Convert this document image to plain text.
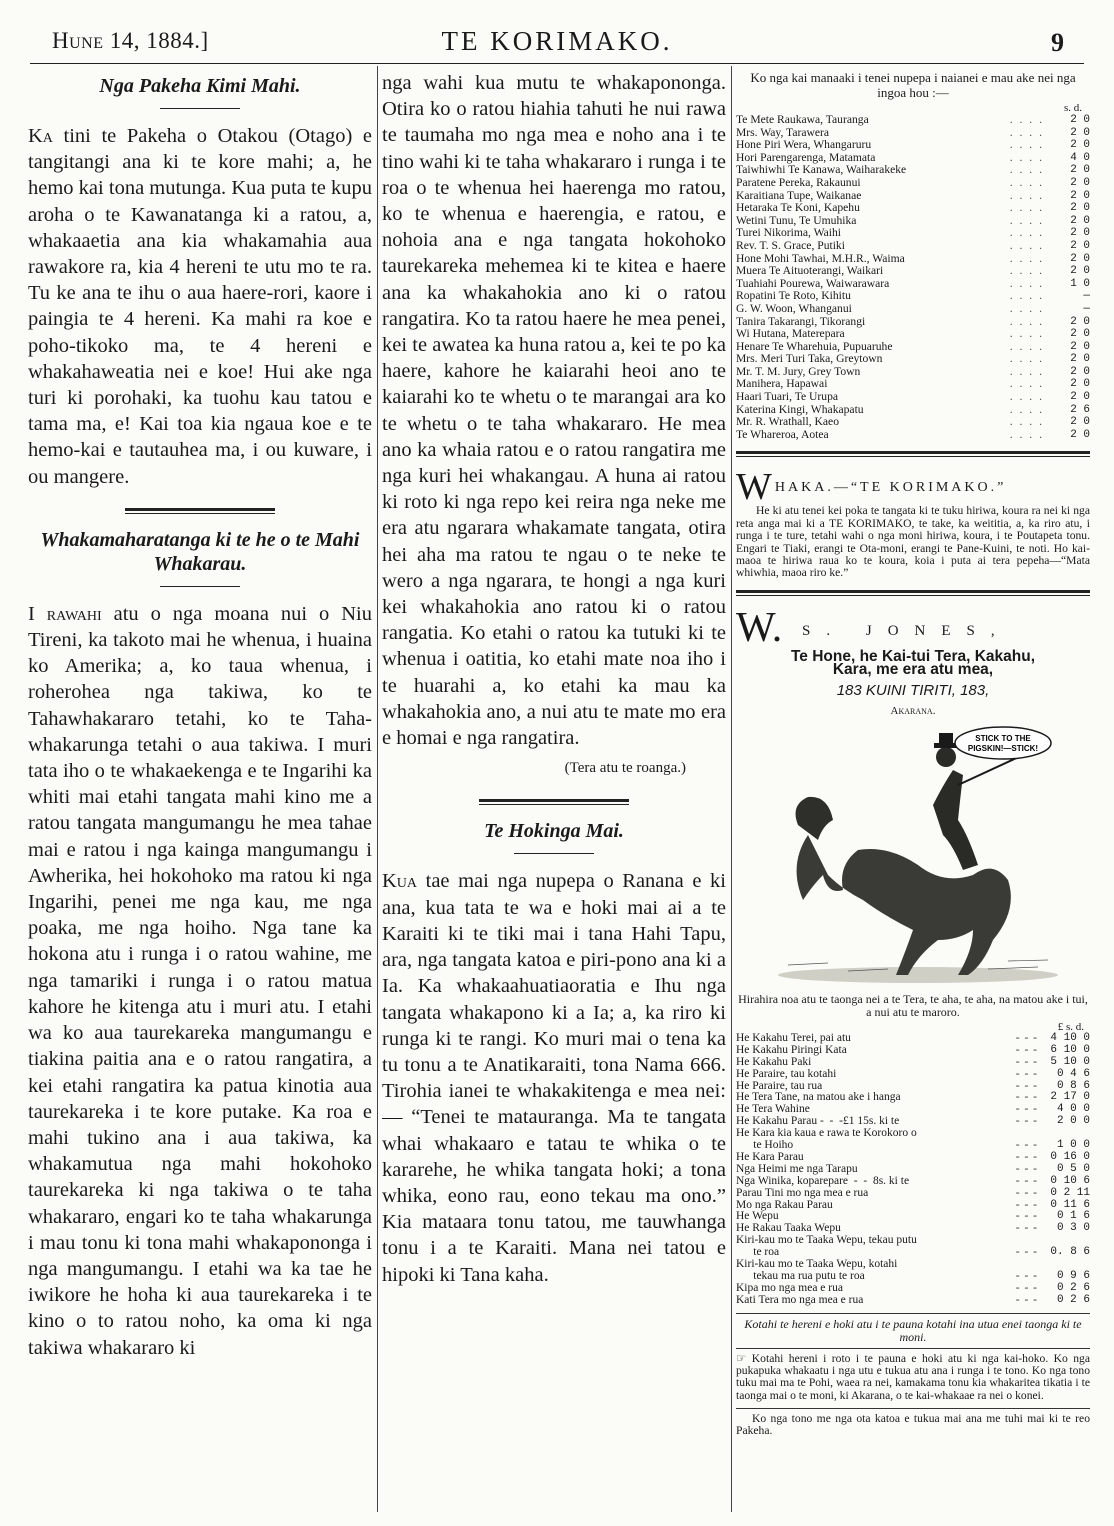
Hune 14, 1884.]	TE KORIMAKO.	9
Nga Pakeha Kimi Mahi.

Ka tini te Pakeha o Otakou (Otago) e tangitangi ana ki te kore mahi; a, he hemo kai tona mutunga. Kua puta te kupu aroha o te Kawanatanga ki a ratou, a, whakaaetia ana kia whakamahia aua rawakore ra, kia 4 hereni te utu mo te ra. Tu ke ana te ihu o aua haere-rori, kaore i paingia te 4 hereni. Ka mahi ra koe e poho-tikoko ma, te 4 hereni e whakahaweatia nei e koe! Hui ake nga turi ki porohaki, ka tuohu kau tatou e tama ma, e! Kai toa kia ngaua koe e te hemo-kai e tautauhea ma, i ou kuware, i ou mangere.

Whakamaharatanga ki te he o te Mahi Whakarau.

I rawahi atu o nga moana nui o Niu Tireni, ka takoto mai he whenua, i huaina ko Amerika; a, ko taua whenua, i roherohea nga takiwa, ko te Tahawhakararo tetahi, ko te Taha-whakarunga tetahi o aua takiwa. I muri tata iho o te whakaekenga e te Ingarihi ka whiti mai etahi tangata mahi kino me a ratou tangata mangumangu he mea tahae mai e ratou i nga kainga mangumangu i Awherika, hei hokohoko ma ratou ki nga Ingarihi, penei me nga kau, me nga poaka, me nga hoiho. Nga tane ka hokona atu i runga i o ratou wahine, me nga tamariki i runga i o ratou matua kahore he kitenga atu i muri atu. I etahi wa ko aua taurekareka mangumangu e tiakina paitia ana e o ratou rangatira, a kei etahi rangatira ka patua kinotia aua taurekareka i te kore putake. Ka roa e mahi tukino ana i aua takiwa, ka whakamutua nga mahi hokohoko taurekareka ki nga takiwa o te taha whakararo, engari ko te taha whakarunga i mau tonu ki tona mahi whakapononga i nga mangumangu. I etahi wa ka tae he iwikore he hoha ki aua taurekareka i te kino o to ratou noho, ka oma ki nga takiwa whakararo ki

nga wahi kua mutu te whakapononga. Otira ko o ratou hiahia tahuti he nui rawa te taumaha mo nga mea e noho ana i te tino wahi ki te taha whakararo i runga i te roa o te whenua hei haerenga mo ratou, ko te whenua e haerengia, e ratou, e nohoia ana e nga tangata hokohoko taurekareka mehemea ki te kitea e haere ana ka whakahokia ano ki o ratou rangatira. Ko ta ratou haere he mea penei, kei te awatea ka huna ratou a, kei te po ka haere, kahore he kaiarahi heoi ano te kaiarahi ko te whetu o te marangai ara ko te whetu o te taha whakararo. He mea ano ka whaia ratou e o ratou rangatira me nga kuri hei whakangau. A huna ai ratou ki roto ki nga repo kei reira nga neke me era atu ngarara whakamate tangata, otira hei aha ma ratou te ngau o te neke te wero a nga ngarara, te hongi a nga kuri kei whakahokia ano ratou ki o ratou rangatia. Ko etahi o ratou ka tutuki ki te whenua i oatitia, ko etahi mate noa iho i te huarahi a, ko etahi ka mau ka whakahokia ano, a nui atu te mate mo era e homai e nga rangatira.

(Tera atu te roanga.)
Te Hokinga Mai.

Kua tae mai nga nupepa o Ranana e ki ana, kua tata te wa e hoki mai ai a te Karaiti ki te tiki mai i tana Hahi Tapu, ara, nga tangata katoa e piri-pono ana ki a Ia. Ka whakaahuatiaoratia e Ihu nga tangata whakapono ki a Ia; a, ka riro ki runga ki te rangi. Ko muri mai o tena ka tu tonu a te Anatikaraiti, tona Nama 666. Tirohia ianei te whakakitenga e mea nei:— “Tenei te matauranga. Ma te tangata whai whakaaro e tatau te whika o te kararehe, he whika tangata hoki; a tona whika, eono rau, eono tekau ma ono.” Kia mataara tonu tatou, me tauwhanga tonu i a te Karaiti. Mana nei tatou e hipoki ki Tana kaha.

Ko nga kai manaaki i tenei nupepa i naianei e mau ake nei nga ingoa hou :—
s. d.
Te Mete Raukawa, Tauranga	. . . .	2 0
Mrs. Way, Tarawera	. . . .	2 0
Hone Piri Wera, Whangaruru	. . . .	2 0
Hori Parengarenga, Matamata	. . . .	4 0
Taiwhiwhi Te Kanawa, Waiharakeke	. . . .	2 0
Paratene Pereka, Rakaunui	. . . .	2 0
Karaitiana Tupe, Waikanae	. . . .	2 0
Hetaraka Te Koni, Kapehu	. . . .	2 0
Wetini Tunu, Te Umuhika	. . . .	2 0
Turei Nikorima, Waihi	. . . .	2 0
Rev. T. S. Grace, Putiki	. . . .	2 0
Hone Mohi Tawhai, M.H.R., Waima	. . . .	2 0
Muera Te Aituoterangi, Waikari	. . . .	2 0
Tuahiahi Pourewa, Waiwarawara	. . . .	1 0
Ropatini Te Roto, Kihitu	. . . .	—
G. W. Woon, Whanganui	. . . .	—
Tanira Takarangi, Tikorangi	. . . .	2 0
Wi Hutana, Materepara	. . . .	2 0
Henare Te Wharehuia, Pupuaruhe	. . . .	2 0
Mrs. Meri Turi Taka, Greytown	. . . .	2 0
Mr. T. M. Jury, Grey Town	. . . .	2 0
Manihera, Hapawai	. . . .	2 0
Haari Tuari, Te Urupa	. . . .	2 0
Katerina Kingi, Whakapatu	. . . .	2 6
Mr. R. Wrathall, Kaeo	. . . .	2 0
Te Whareroa, Aotea	. . . .	2 0
WHAKA.—“TE KORIMAKO.”
He ki atu tenei kei poka te tangata ki te tuku hiriwa, koura ra nei ki nga reta anga mai ki a TE KORIMAKO, te take, ka weititia, a, ka riro atu, i runga i te ture, tetahi wahi o nga moni hiriwa, koura, i te Poutapeta tonu. Engari te Tiaki, erangi te Ota-moni, erangi te Pane-Kuini, te noti. Ho kai-maoa te hiriwa raua ko te koura, koia i puta ai tera pepeha—“Mata whiwhia, maoa riro ke.”
W. S. JONES,
Te Hone, he Kai-tui Tera, Kakahu,
Kara, me era atu mea,
183 KUINI TIRITI, 183,
Akarana.
STICK TO THE
PIGSKIN!—STICK!
Hirahira noa atu te taonga nei a te Tera, te aha, te aha, na matou ake i tui, a nui atu te maroro.
£ s. d.
He Kakahu Terei, pai atu	- - -	4 10 0
He Kakahu Piringi Kata	- - -	6 10 0
He Kakahu Paki	- - -	5 10 0
He Paraire, tau kotahi	- - -	0 4 6
He Paraire, tau rua	- - -	0 8 6
He Tera Tane, na matou ake i hanga	- - -	2 17 0
He Tera Wahine	- - -	4 0 0
He Kakahu Parau -  -  -£1 15s. ki te	- - -	2 0 0
He Kara kia kaua e rawa te Korokoro o		
te Hoiho	- - -	1 0 0
He Kara Parau	- - -	0 16 0
Nga Heimi me nga Tarapu	- - -	0 5 0
Nga Winika, koparepare  -  -  8s. ki te	- - -	0 10 6
Parau Tini mo nga mea e rua	- - -	0 2 11
Mo nga Rakau Parau	- - -	0 11 6
He Wepu	- - -	0 1 6
He Rakau Taaka Wepu	- - -	0 3 0
Kiri-kau mo te Taaka Wepu, tekau putu		
te roa	- - -	0. 8 6
Kiri-kau mo te Taaka Wepu, kotahi		
tekau ma rua putu te roa	- - -	0 9 6
Kipa mo nga mea e rua	- - -	0 2 6
Kati Tera mo nga mea e rua	- - -	0 2 6
Kotahi te hereni e hoki atu i te pauna kotahi ina utua enei taonga ki te moni.
☞ Kotahi hereni i roto i te pauna e hoki atu ki nga kai-hoko. Ko nga pukapuka whakaatu i nga utu e tukua atu ana i runga i te tono. Ko nga tono tuku mai ma te Pohi, waea ra nei, kamakama tonu kia whakaritea tikatia i te taonga mai o te moni, ki Akarana, o te kai-whakaae ra nei o konei.
Ko nga tono me nga ota katoa e tukua mai ana me tuhi mai ki te reo Pakeha.
